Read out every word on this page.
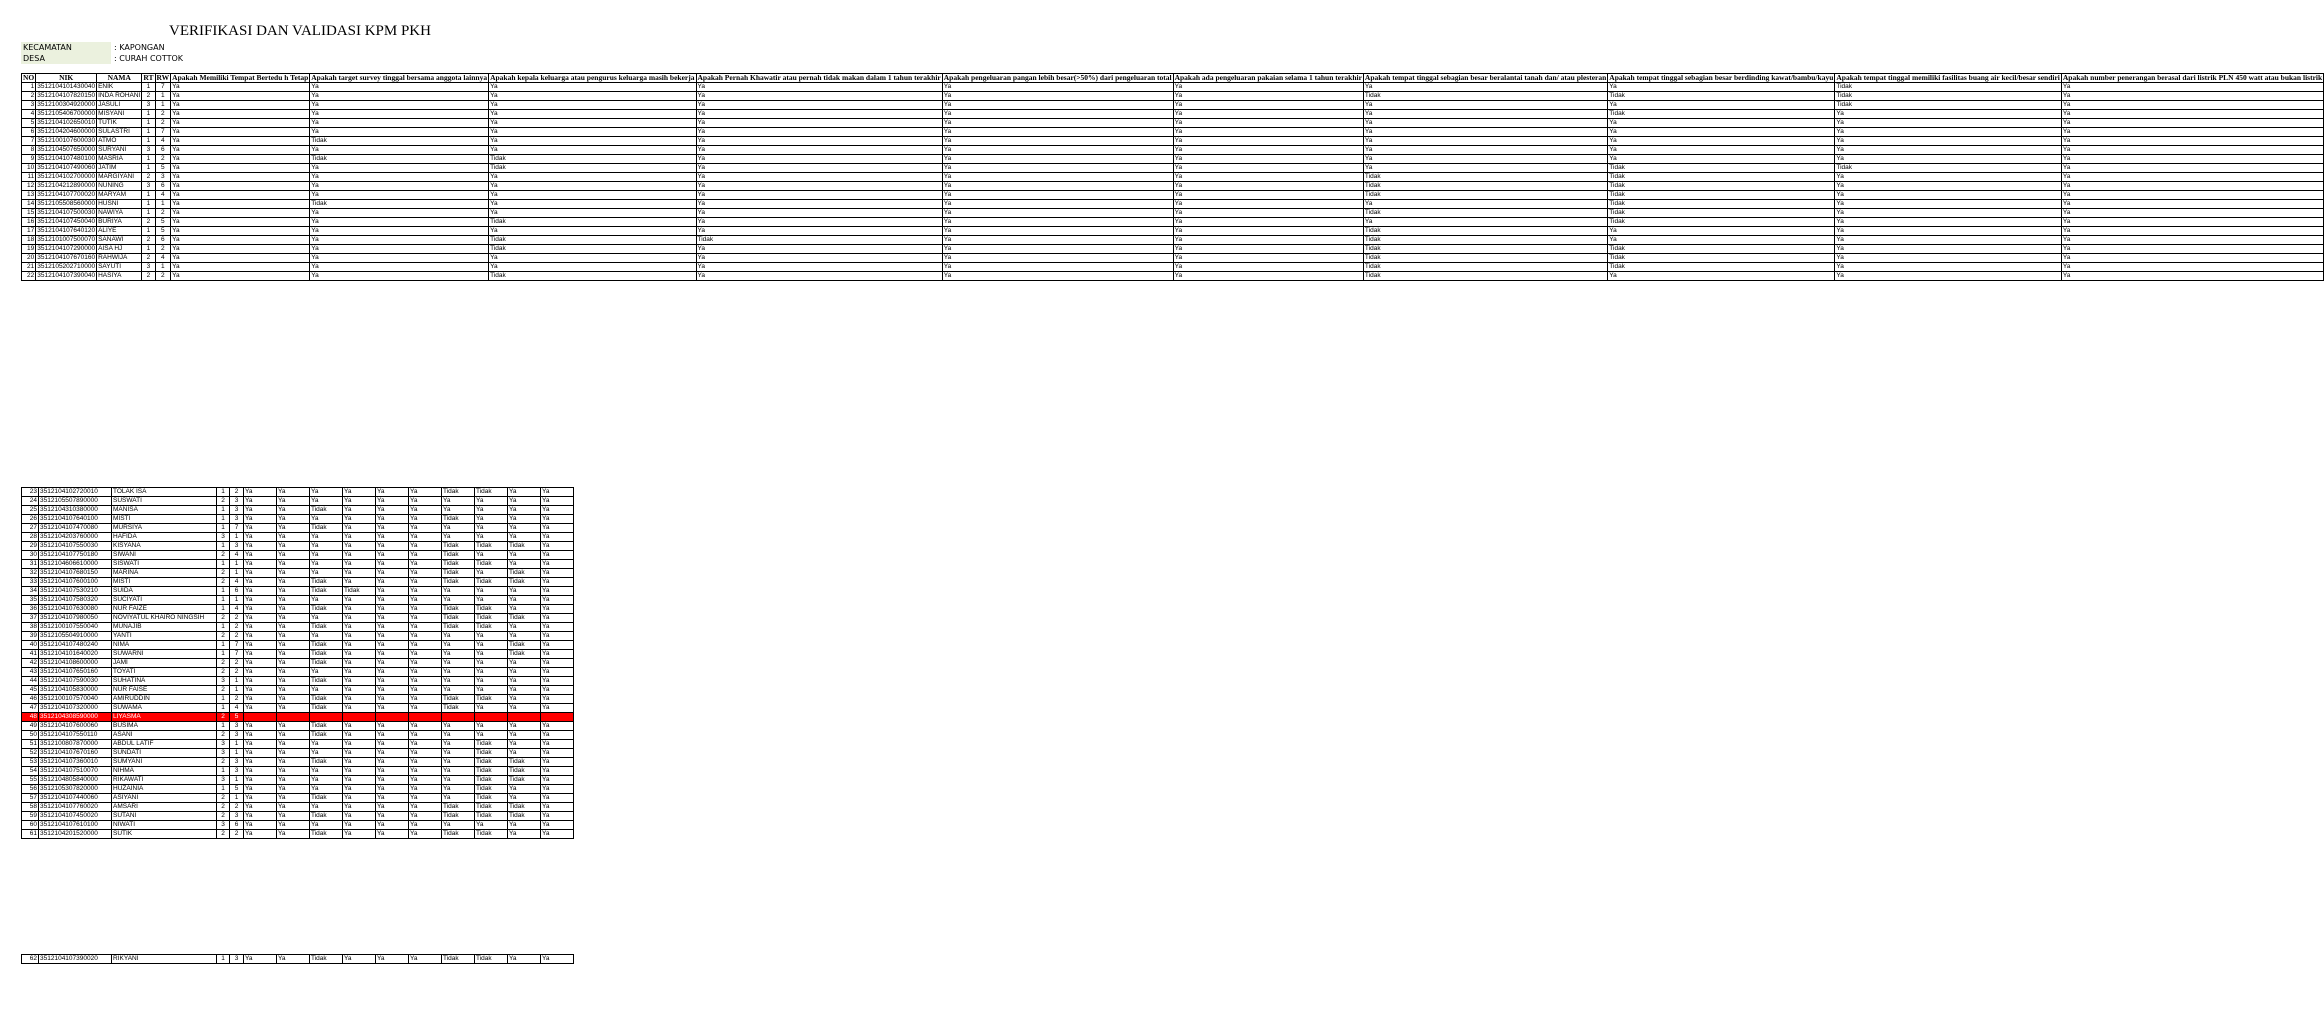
VERIFIKASI DAN VALIDASI KPM PKH
KECAMATAN	: KAPONGAN
DESA	: CURAH COTTOK
NO	NIK	NAMA	RT	RW	Apakah Memiliki Tempat Bertedu h Tetap	Apakah target survey tinggal bersama anggota lainnya	Apakah kepala keluarga atau pengurus keluarga masih bekerja	Apakah Pernah Khawatir atau pernah tidak makan dalam 1 tahun terakhir	Apakah pengeluaran pangan lebih besar(>50%) dari pengeluaran total	Apakah ada pengeluaran pakaian selama 1 tahun terakhir	Apakah tempat tinggal sebagian besar beralantai tanah dan/ atau plesteran	Apakah tempat tinggal sebagian besar berdinding kawat/bambu/kayu	Apakah tempat tinggal memiliki fasilitas buang air kecil/besar sendiri	Apakah number penerangan berasal dari listrik PLN 450 watt atau bukan listrik
1	3512104101430040	ENIK	1	7	Ya	Ya	Ya	Ya	Ya	Ya	Ya	Ya	Tidak	Ya
2	3512104107820150	INDA ROHANI	2	1	Ya	Ya	Ya	Ya	Ya	Ya	Tidak	Tidak	Tidak	Ya
3	3512100304920000	JASULI	3	1	Ya	Ya	Ya	Ya	Ya	Ya	Ya	Ya	Tidak	Ya
4	3512105406700000	MISYANI	1	2	Ya	Ya	Ya	Ya	Ya	Ya	Ya	Tidak	Ya	Ya
5	3512104102650010	TUTIK	1	2	Ya	Ya	Ya	Ya	Ya	Ya	Ya	Ya	Ya	Ya
6	3512104204600000	SULASTRI	1	7	Ya	Ya	Ya	Ya	Ya	Ya	Ya	Ya	Ya	Ya
7	3512100107600030	ATMO	1	4	Ya	Tidak	Ya	Ya	Ya	Ya	Ya	Ya	Ya	Ya
8	3512104507650000	SURYANI	3	6	Ya	Ya	Ya	Ya	Ya	Ya	Ya	Ya	Ya	Ya
9	3512104107480100	MASRIA	1	2	Ya	Tidak	Tidak	Ya	Ya	Ya	Ya	Ya	Ya	Ya
10	3512104107490060	JATIM	1	5	Ya	Ya	Tidak	Ya	Ya	Ya	Ya	Tidak	Tidak	Ya
11	3512104102700000	MARGIYANI	2	3	Ya	Ya	Ya	Ya	Ya	Ya	Tidak	Tidak	Ya	Ya
12	3512104212890000	NUNING	3	6	Ya	Ya	Ya	Ya	Ya	Ya	Tidak	Tidak	Ya	Ya
13	3512104107700020	MARYAM	1	4	Ya	Ya	Ya	Ya	Ya	Ya	Tidak	Tidak	Ya	Ya
14	3512105508560000	HUSNI	1	1	Ya	Tidak	Ya	Ya	Ya	Ya	Ya	Tidak	Ya	Ya
15	3512104107500030	NAWIYA	1	2	Ya	Ya	Ya	Ya	Ya	Ya	Tidak	Tidak	Ya	Ya
16	3512104107450040	BURIYA	2	5	Ya	Ya	Tidak	Ya	Ya	Ya	Ya	Tidak	Ya	Ya
17	3512104107640120	ALIYE	1	5	Ya	Ya	Ya	Ya	Ya	Ya	Tidak	Ya	Ya	Ya
18	3512101007500070	SANAWI	2	6	Ya	Ya	Tidak	Tidak	Ya	Ya	Tidak	Ya	Ya	Ya
19	3512104107290000	AISA HJ	1	2	Ya	Ya	Tidak	Ya	Ya	Ya	Tidak	Tidak	Ya	Ya
20	3512104107670160	RAHWIJA	2	4	Ya	Ya	Ya	Ya	Ya	Ya	Tidak	Tidak	Ya	Ya
21	3512105202710000	SAYUTI	3	1	Ya	Ya	Ya	Ya	Ya	Ya	Tidak	Tidak	Ya	Ya
22	3512104107390040	HASIYA	2	2	Ya	Ya	Tidak	Ya	Ya	Ya	Tidak	Ya	Ya	Ya
23	3512104102720010	TOLAK ISA	1	2	Ya	Ya	Ya	Ya	Ya	Ya	Tidak	Tidak	Ya	Ya
24	3512105507890000	SUSWATI	2	3	Ya	Ya	Ya	Ya	Ya	Ya	Ya	Ya	Ya	Ya
25	3512104310380000	MANISA	1	3	Ya	Ya	Tidak	Ya	Ya	Ya	Ya	Ya	Ya	Ya
26	3512104107640100	MISTI	1	3	Ya	Ya	Ya	Ya	Ya	Ya	Tidak	Ya	Ya	Ya
27	3512104107470080	MURSIYA	1	7	Ya	Ya	Tidak	Ya	Ya	Ya	Ya	Ya	Ya	Ya
28	3512104203760000	HAFIDA	3	1	Ya	Ya	Ya	Ya	Ya	Ya	Ya	Ya	Ya	Ya
29	3512104107550030	KISYANA	1	3	Ya	Ya	Ya	Ya	Ya	Ya	Tidak	Tidak	Tidak	Ya
30	3512104107750180	SIWANI	2	4	Ya	Ya	Ya	Ya	Ya	Ya	Tidak	Ya	Ya	Ya
31	3512104606610000	SISWATI	1	1	Ya	Ya	Ya	Ya	Ya	Ya	Tidak	Tidak	Ya	Ya
32	3512104107680150	MARINA	2	1	Ya	Ya	Ya	Ya	Ya	Ya	Tidak	Ya	Tidak	Ya
33	3512104107600100	MISTI	2	4	Ya	Ya	Tidak	Ya	Ya	Ya	Tidak	Tidak	Tidak	Ya
34	3512104107530210	SUIDA	1	6	Ya	Ya	Tidak	Tidak	Ya	Ya	Ya	Ya	Ya	Ya
35	3512104107580320	SUCIYATI	1	1	Ya	Ya	Ya	Ya	Ya	Ya	Ya	Ya	Ya	Ya
36	3512104107630080	NUR FAIZE	1	4	Ya	Ya	Tidak	Ya	Ya	Ya	Tidak	Tidak	Ya	Ya
37	3512104107980050	NOVIYATUL KHAIRO NINGSIH	2	2	Ya	Ya	Ya	Ya	Ya	Ya	Tidak	Tidak	Tidak	Ya
38	3512100107550040	MUNAJIB	1	2	Ya	Ya	Tidak	Ya	Ya	Ya	Tidak	Tidak	Ya	Ya
39	3512105504910000	YANTI	2	2	Ya	Ya	Ya	Ya	Ya	Ya	Ya	Ya	Ya	Ya
40	3512104107480240	NIMA	1	7	Ya	Ya	Tidak	Ya	Ya	Ya	Ya	Ya	Tidak	Ya
41	3512104101640020	SUWARNI	1	7	Ya	Ya	Tidak	Ya	Ya	Ya	Ya	Ya	Tidak	Ya
42	3512104108600000	JAMI	2	2	Ya	Ya	Tidak	Ya	Ya	Ya	Ya	Ya	Ya	Ya
43	3512104107650160	TOYATI	2	2	Ya	Ya	Ya	Ya	Ya	Ya	Ya	Ya	Ya	Ya
44	3512104107590030	SUHATINA	3	1	Ya	Ya	Tidak	Ya	Ya	Ya	Ya	Ya	Ya	Ya
45	3512104105830000	NUR FAISE	2	1	Ya	Ya	Ya	Ya	Ya	Ya	Ya	Ya	Ya	Ya
46	3512100107570040	AMIRUDDIN	1	2	Ya	Ya	Tidak	Ya	Ya	Ya	Tidak	Tidak	Ya	Ya
47	3512104107320000	SUWAMA	1	4	Ya	Ya	Tidak	Ya	Ya	Ya	Tidak	Ya	Ya	Ya
48	3512104308590000	LIYASMA	2	5										
49	3512104107600060	BUSIMA	1	3	Ya	Ya	Tidak	Ya	Ya	Ya	Ya	Ya	Ya	Ya
50	3512104107550110	ASANI	2	3	Ya	Ya	Tidak	Ya	Ya	Ya	Ya	Ya	Ya	Ya
51	3512100807870000	ABDUL LATIF	3	1	Ya	Ya	Ya	Ya	Ya	Ya	Ya	Tidak	Ya	Ya
52	3512104107670160	SUNDATI	3	1	Ya	Ya	Ya	Ya	Ya	Ya	Ya	Tidak	Ya	Ya
53	3512104107360010	SUMYANI	2	3	Ya	Ya	Tidak	Ya	Ya	Ya	Ya	Tidak	Tidak	Ya
54	3512104107510070	NIHMA	1	3	Ya	Ya	Ya	Ya	Ya	Ya	Ya	Tidak	Tidak	Ya
55	3512104805840000	RIKAWATI	3	1	Ya	Ya	Ya	Ya	Ya	Ya	Ya	Tidak	Tidak	Ya
56	3512105307820000	HUZAINIA	1	5	Ya	Ya	Ya	Ya	Ya	Ya	Ya	Tidak	Ya	Ya
57	3512104107440060	ASIYANI	2	1	Ya	Ya	Tidak	Ya	Ya	Ya	Ya	Tidak	Ya	Ya
58	3512104107760020	AMSARI	2	2	Ya	Ya	Ya	Ya	Ya	Ya	Tidak	Tidak	Tidak	Ya
59	3512104107450020	SUTANI	2	3	Ya	Ya	Tidak	Ya	Ya	Ya	Tidak	Tidak	Tidak	Ya
60	3512104107610100	NIWATI	3	6	Ya	Ya	Ya	Ya	Ya	Ya	Ya	Ya	Ya	Ya
61	3512104201520000	SUTIK	2	2	Ya	Ya	Tidak	Ya	Ya	Ya	Tidak	Tidak	Ya	Ya
62	3512104107390020	RIKYANI	1	3	Ya	Ya	Tidak	Ya	Ya	Ya	Tidak	Tidak	Ya	Ya
